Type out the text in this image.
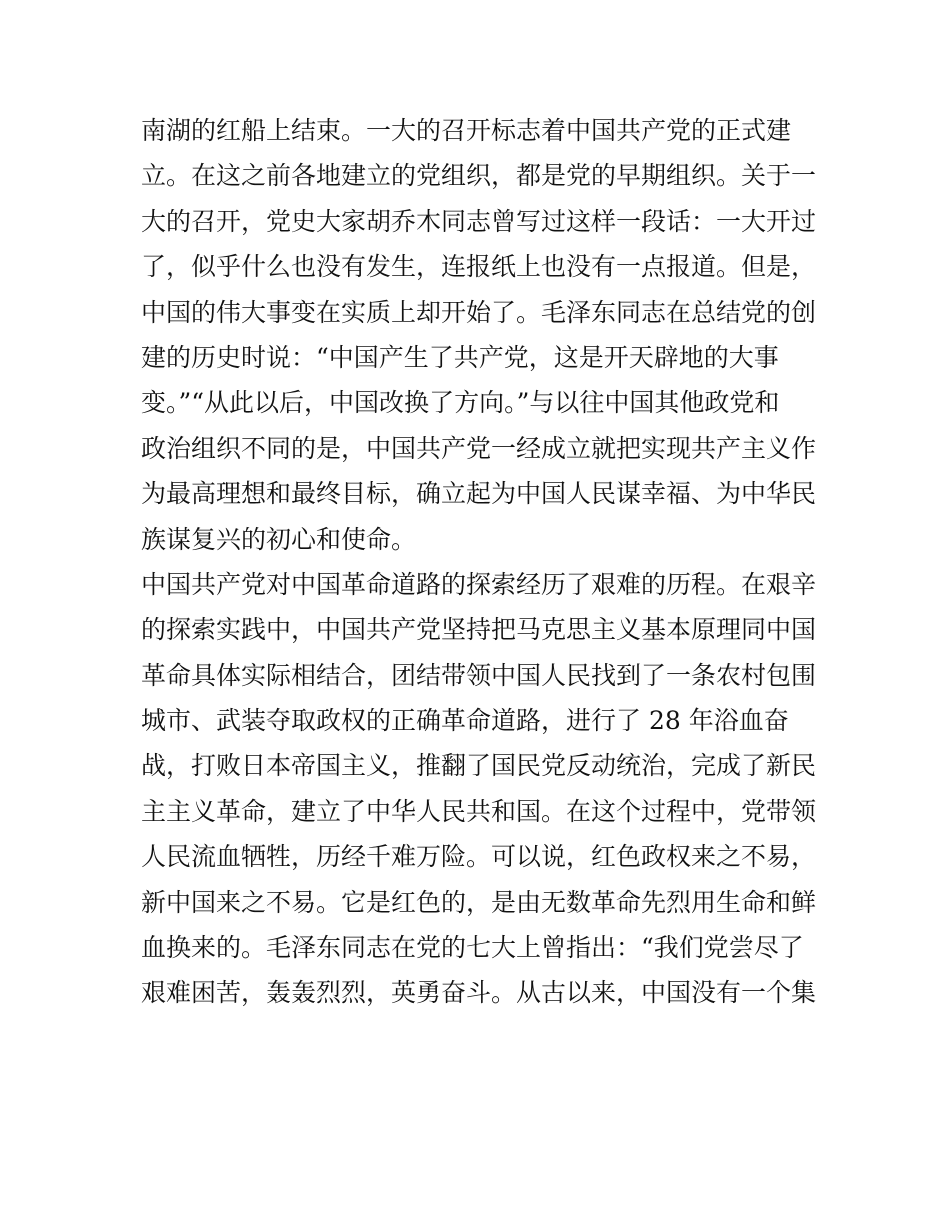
南湖的红船上结束。一大的召开标志着中国共产党的正式建
立。在这之前各地建立的党组织，都是党的早期组织。关于一
大的召开，党史大家胡乔木同志曾写过这样一段话：一大开过
了，似乎什么也没有发生，连报纸上也没有一点报道。但是，
中国的伟大事变在实质上却开始了。毛泽东同志在总结党的创
建的历史时说：“中国产生了共产党，这是开天辟地的大事
变。”“从此以后，中国改换了方向。”与以往中国其他政党和
政治组织不同的是，中国共产党一经成立就把实现共产主义作
为最高理想和最终目标，确立起为中国人民谋幸福、为中华民
族谋复兴的初心和使命。
中国共产党对中国革命道路的探索经历了艰难的历程。在艰辛
的探索实践中，中国共产党坚持把马克思主义基本原理同中国
革命具体实际相结合，团结带领中国人民找到了一条农村包围
城市、武装夺取政权的正确革命道路，进行了 28 年浴血奋
战，打败日本帝国主义，推翻了国民党反动统治，完成了新民
主主义革命，建立了中华人民共和国。在这个过程中，党带领
人民流血牺牲，历经千难万险。可以说，红色政权来之不易，
新中国来之不易。它是红色的，是由无数革命先烈用生命和鲜
血换来的。毛泽东同志在党的七大上曾指出：“我们党尝尽了
艰难困苦，轰轰烈烈，英勇奋斗。从古以来，中国没有一个集
